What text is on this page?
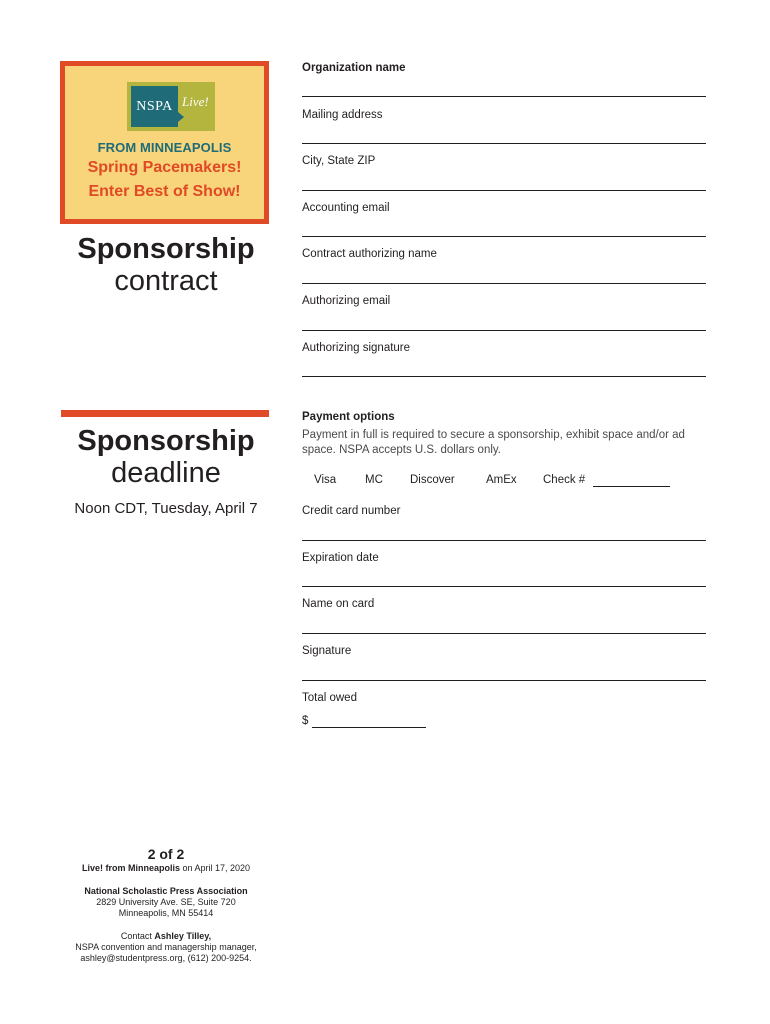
NSPA Live!
FROM MINNEAPOLIS
Spring Pacemakers!
Enter Best of Show!
Sponsorship
contract
Sponsorship
deadline
Noon CDT, Tuesday, April 7
2 of 2
Live! from Minneapolis on April 17, 2020
National Scholastic Press Association
2829 University Ave. SE, Suite 720
Minneapolis, MN 55414
Contact Ashley Tilley,
NSPA convention and managership manager,
ashley@studentpress.org, (612) 200-9254.
Organization name
Mailing address
City, State ZIP
Accounting email
Contract authorizing name
Authorizing email
Authorizing signature
Payment options
Payment in full is required to secure a sponsorship, exhibit space and/or ad space. NSPA accepts U.S. dollars only.
Visa	MC Discover	AmEx Check #
Credit card number
Expiration date
Name on card
Signature
Total owed
$
